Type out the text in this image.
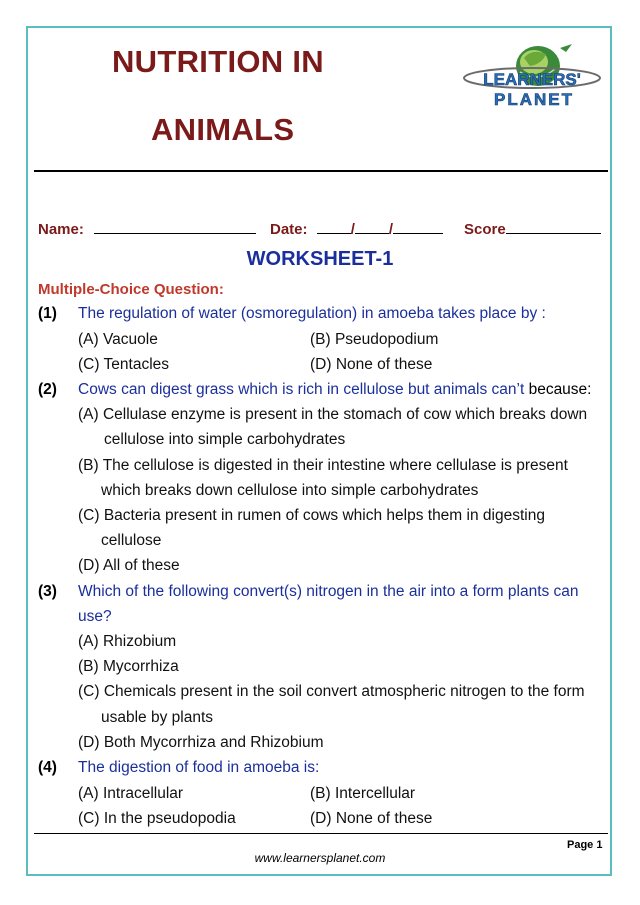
NUTRITION IN
ANIMALS
LEARNERS'
PLANET
Name:	Date:	/ /	Score
WORKSHEET-1
Multiple-Choice Question:
(1) The regulation of water (osmoregulation) in amoeba takes place by :
(A) Vacuole	(B) Pseudopodium
(C) Tentacles	(D) None of these
(2) Cows can digest grass which is rich in cellulose but animals can’t because:
(A) Cellulase enzyme is present in the stomach of cow which breaks down
cellulose into simple carbohydrates
(B) The cellulose is digested in their intestine where cellulase is present
which breaks down cellulose into simple carbohydrates
(C) Bacteria present in rumen of cows which helps them in digesting
cellulose
(D) All of these
(3) Which of the following convert(s) nitrogen in the air into a form plants can
use?
(A) Rhizobium
(B) Mycorrhiza
(C) Chemicals present in the soil convert atmospheric nitrogen to the form
usable by plants
(D) Both Mycorrhiza and Rhizobium
(4) The digestion of food in amoeba is:
(A) Intracellular	(B) Intercellular
(C) In the pseudopodia	(D) None of these
Page 1
www.learnersplanet.com
